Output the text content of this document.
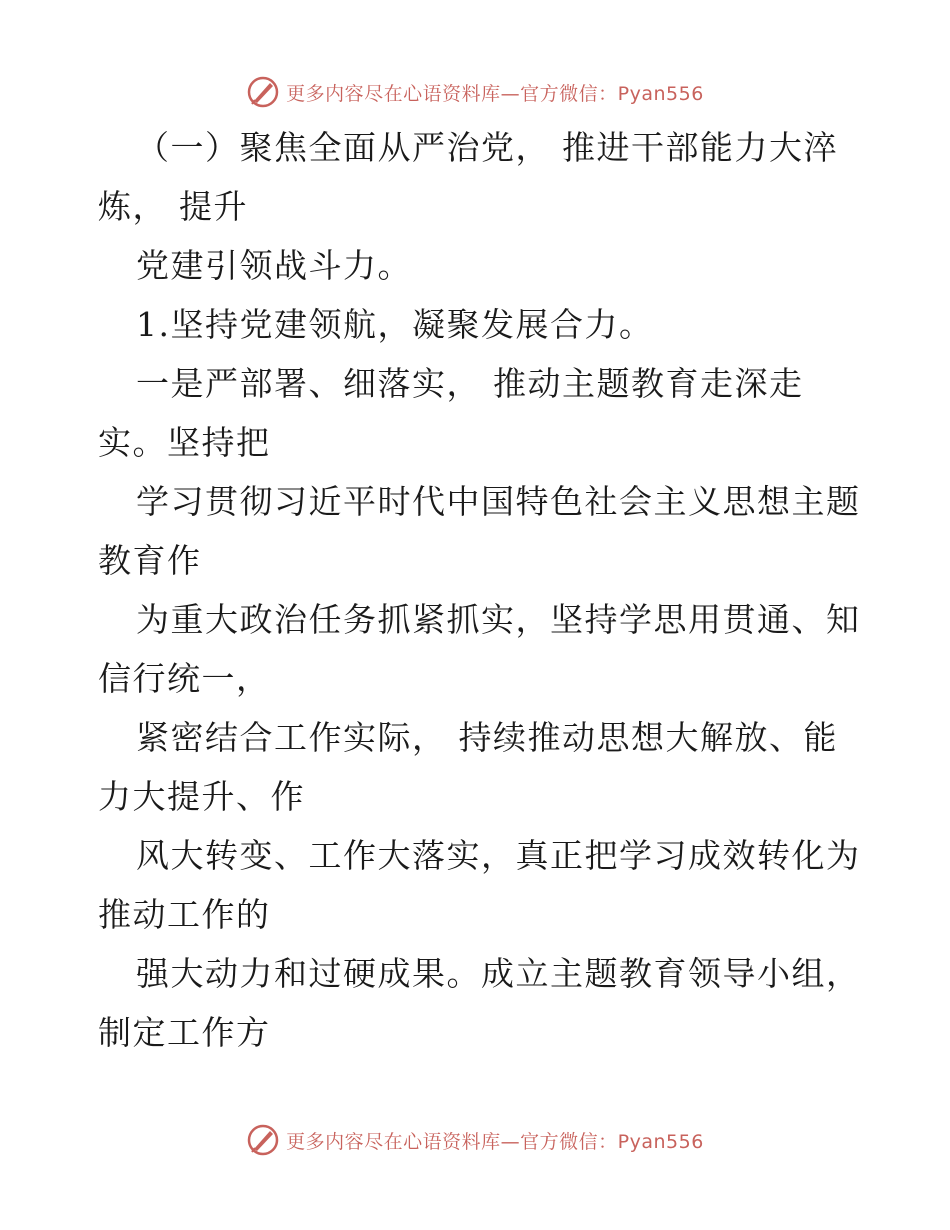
更多内容尽在心语资料库—官方微信：Pyan556
（一）聚焦全面从严治党， 推进干部能力大淬
炼， 提升
党建引领战斗力。
1.坚持党建领航，凝聚发展合力。
一是严部署、细落实， 推动主题教育走深走
实。坚持把
学习贯彻习近平时代中国特色社会主义思想主题
教育作
为重大政治任务抓紧抓实，坚持学思用贯通、知
信行统一，
紧密结合工作实际， 持续推动思想大解放、能
力大提升、作
风大转变、工作大落实，真正把学习成效转化为
推动工作的
强大动力和过硬成果。成立主题教育领导小组，
制定工作方
更多内容尽在心语资料库—官方微信：Pyan556
